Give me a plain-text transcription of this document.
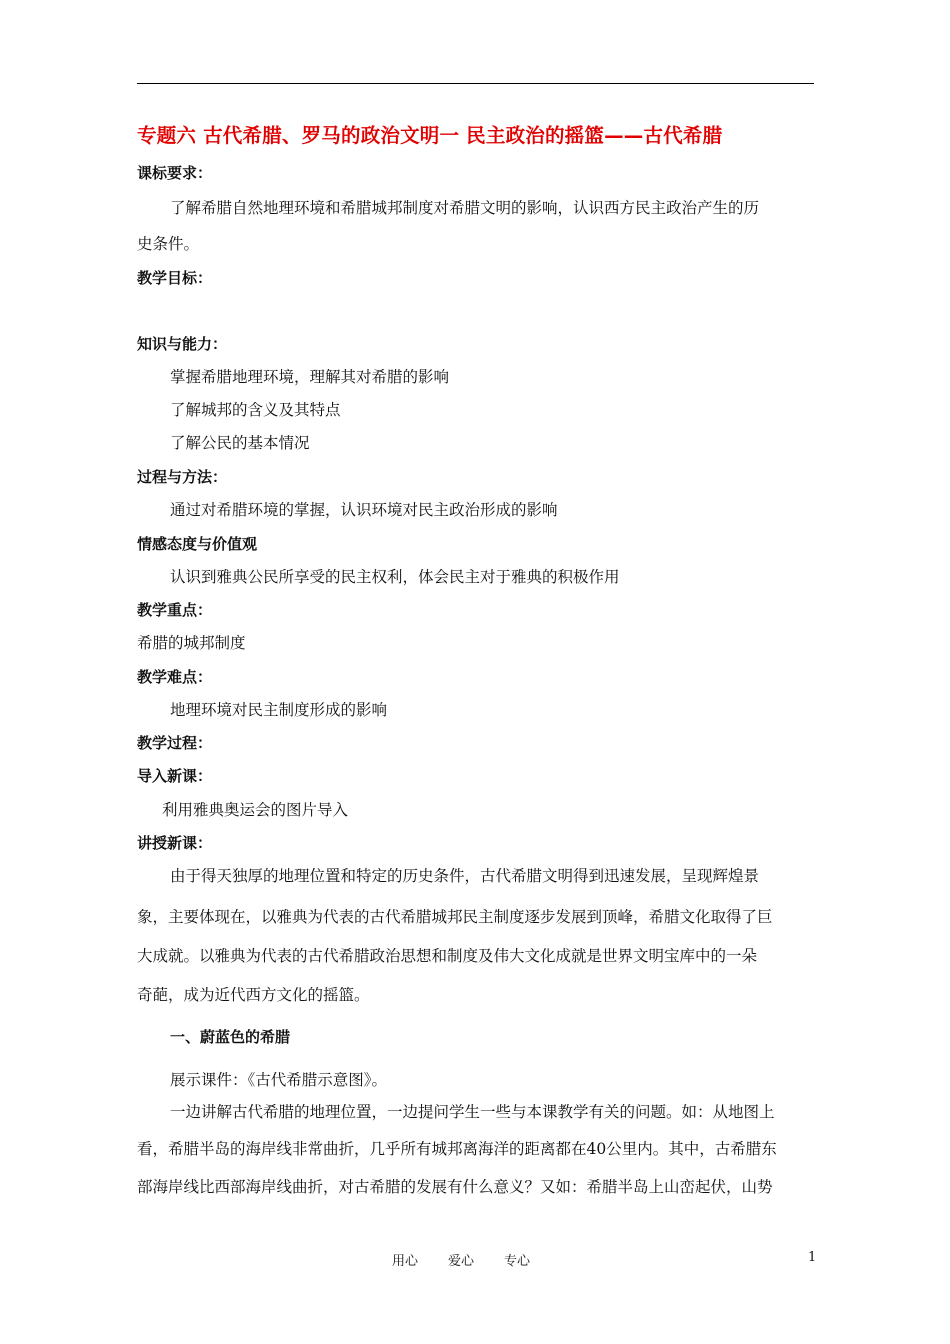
专题六 古代希腊、罗马的政治文明一 民主政治的摇篮——古代希腊
课标要求：
了解希腊自然地理环境和希腊城邦制度对希腊文明的影响，认识西方民主政治产生的历
史条件。
教学目标：
知识与能力：
掌握希腊地理环境，理解其对希腊的影响
了解城邦的含义及其特点
了解公民的基本情况
过程与方法：
通过对希腊环境的掌握，认识环境对民主政治形成的影响
情感态度与价值观
认识到雅典公民所享受的民主权利，体会民主对于雅典的积极作用
教学重点：
希腊的城邦制度
教学难点：
地理环境对民主制度形成的影响
教学过程：
导入新课：
利用雅典奥运会的图片导入
讲授新课：
由于得天独厚的地理位置和特定的历史条件，古代希腊文明得到迅速发展，呈现辉煌景
象，主要体现在，以雅典为代表的古代希腊城邦民主制度逐步发展到顶峰，希腊文化取得了巨
大成就。以雅典为代表的古代希腊政治思想和制度及伟大文化成就是世界文明宝库中的一朵
奇葩，成为近代西方文化的摇篮。
一、蔚蓝色的希腊
展示课件：《古代希腊示意图》。
一边讲解古代希腊的地理位置，一边提问学生一些与本课教学有关的问题。如：从地图上
看，希腊半岛的海岸线非常曲折，几乎所有城邦离海洋的距离都在40公里内。其中，古希腊东
部海岸线比西部海岸线曲折，对古希腊的发展有什么意义？又如：希腊半岛上山峦起伏，山势
用心 爱心 专心	1
